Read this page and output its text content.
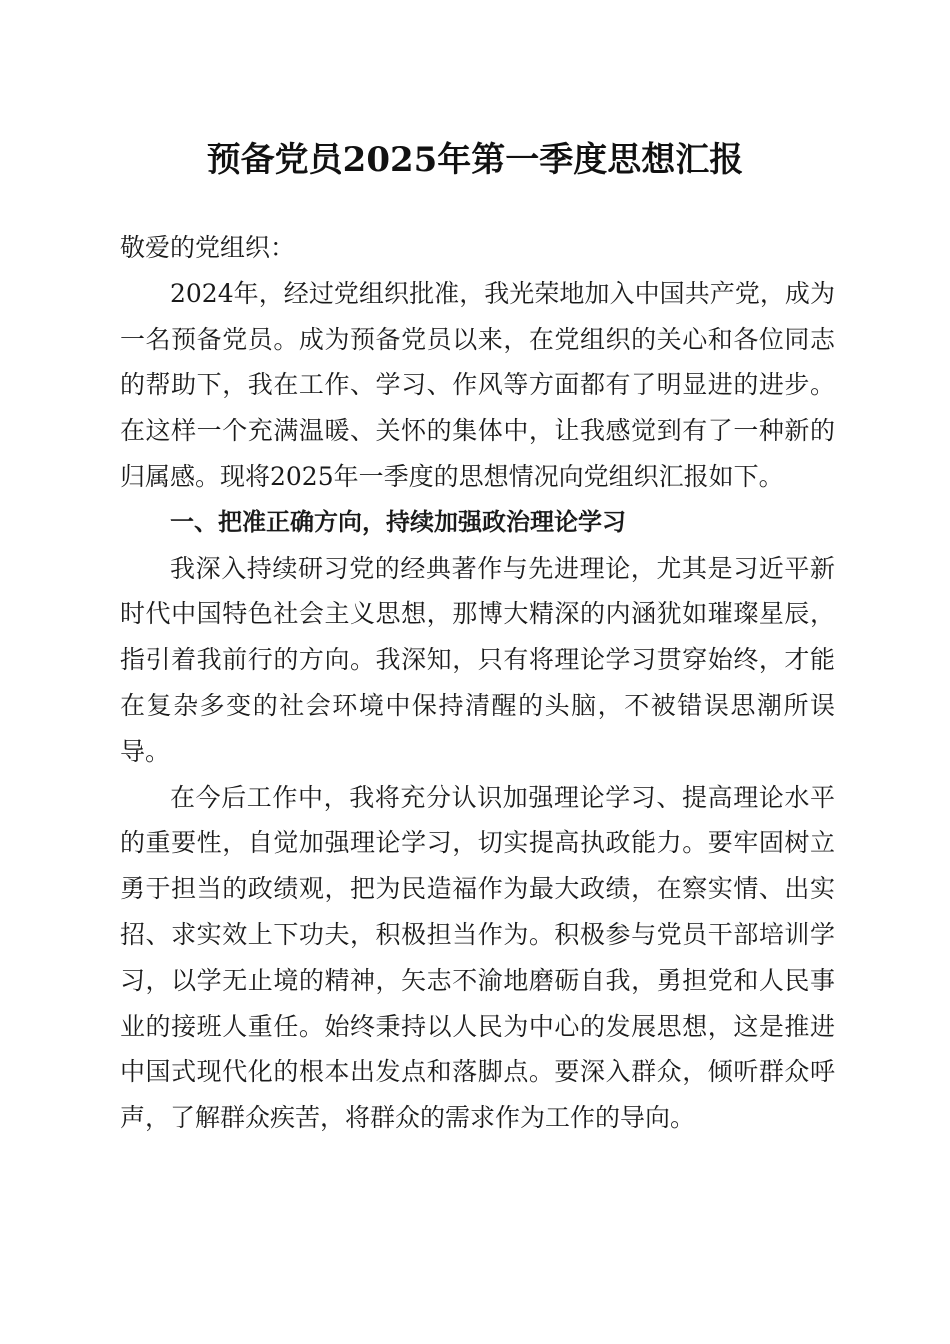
预备党员2025年第一季度思想汇报

敬爱的党组织：

2024年，经过党组织批准，我光荣地加入中国共产党，成为一名预备党员。成为预备党员以来，在党组织的关心和各位同志的帮助下，我在工作、学习、作风等方面都有了明显进的进步。在这样一个充满温暖、关怀的集体中，让我感觉到有了一种新的归属感。现将2025年一季度的思想情况向党组织汇报如下。

一、把准正确方向，持续加强政治理论学习

我深入持续研习党的经典著作与先进理论，尤其是习近平新时代中国特色社会主义思想，那博大精深的内涵犹如璀璨星辰，指引着我前行的方向。我深知，只有将理论学习贯穿始终，才能在复杂多变的社会环境中保持清醒的头脑，不被错误思潮所误导。

在今后工作中，我将充分认识加强理论学习、提高理论水平的重要性，自觉加强理论学习，切实提高执政能力。要牢固树立勇于担当的政绩观，把为民造福作为最大政绩，在察实情、出实招、求实效上下功夫，积极担当作为。积极参与党员干部培训学习，以学无止境的精神，矢志不渝地磨砺自我，勇担党和人民事业的接班人重任。始终秉持以人民为中心的发展思想，这是推进中国式现代化的根本出发点和落脚点。要深入群众，倾听群众呼声，了解群众疾苦，将群众的需求作为工作的导向。
